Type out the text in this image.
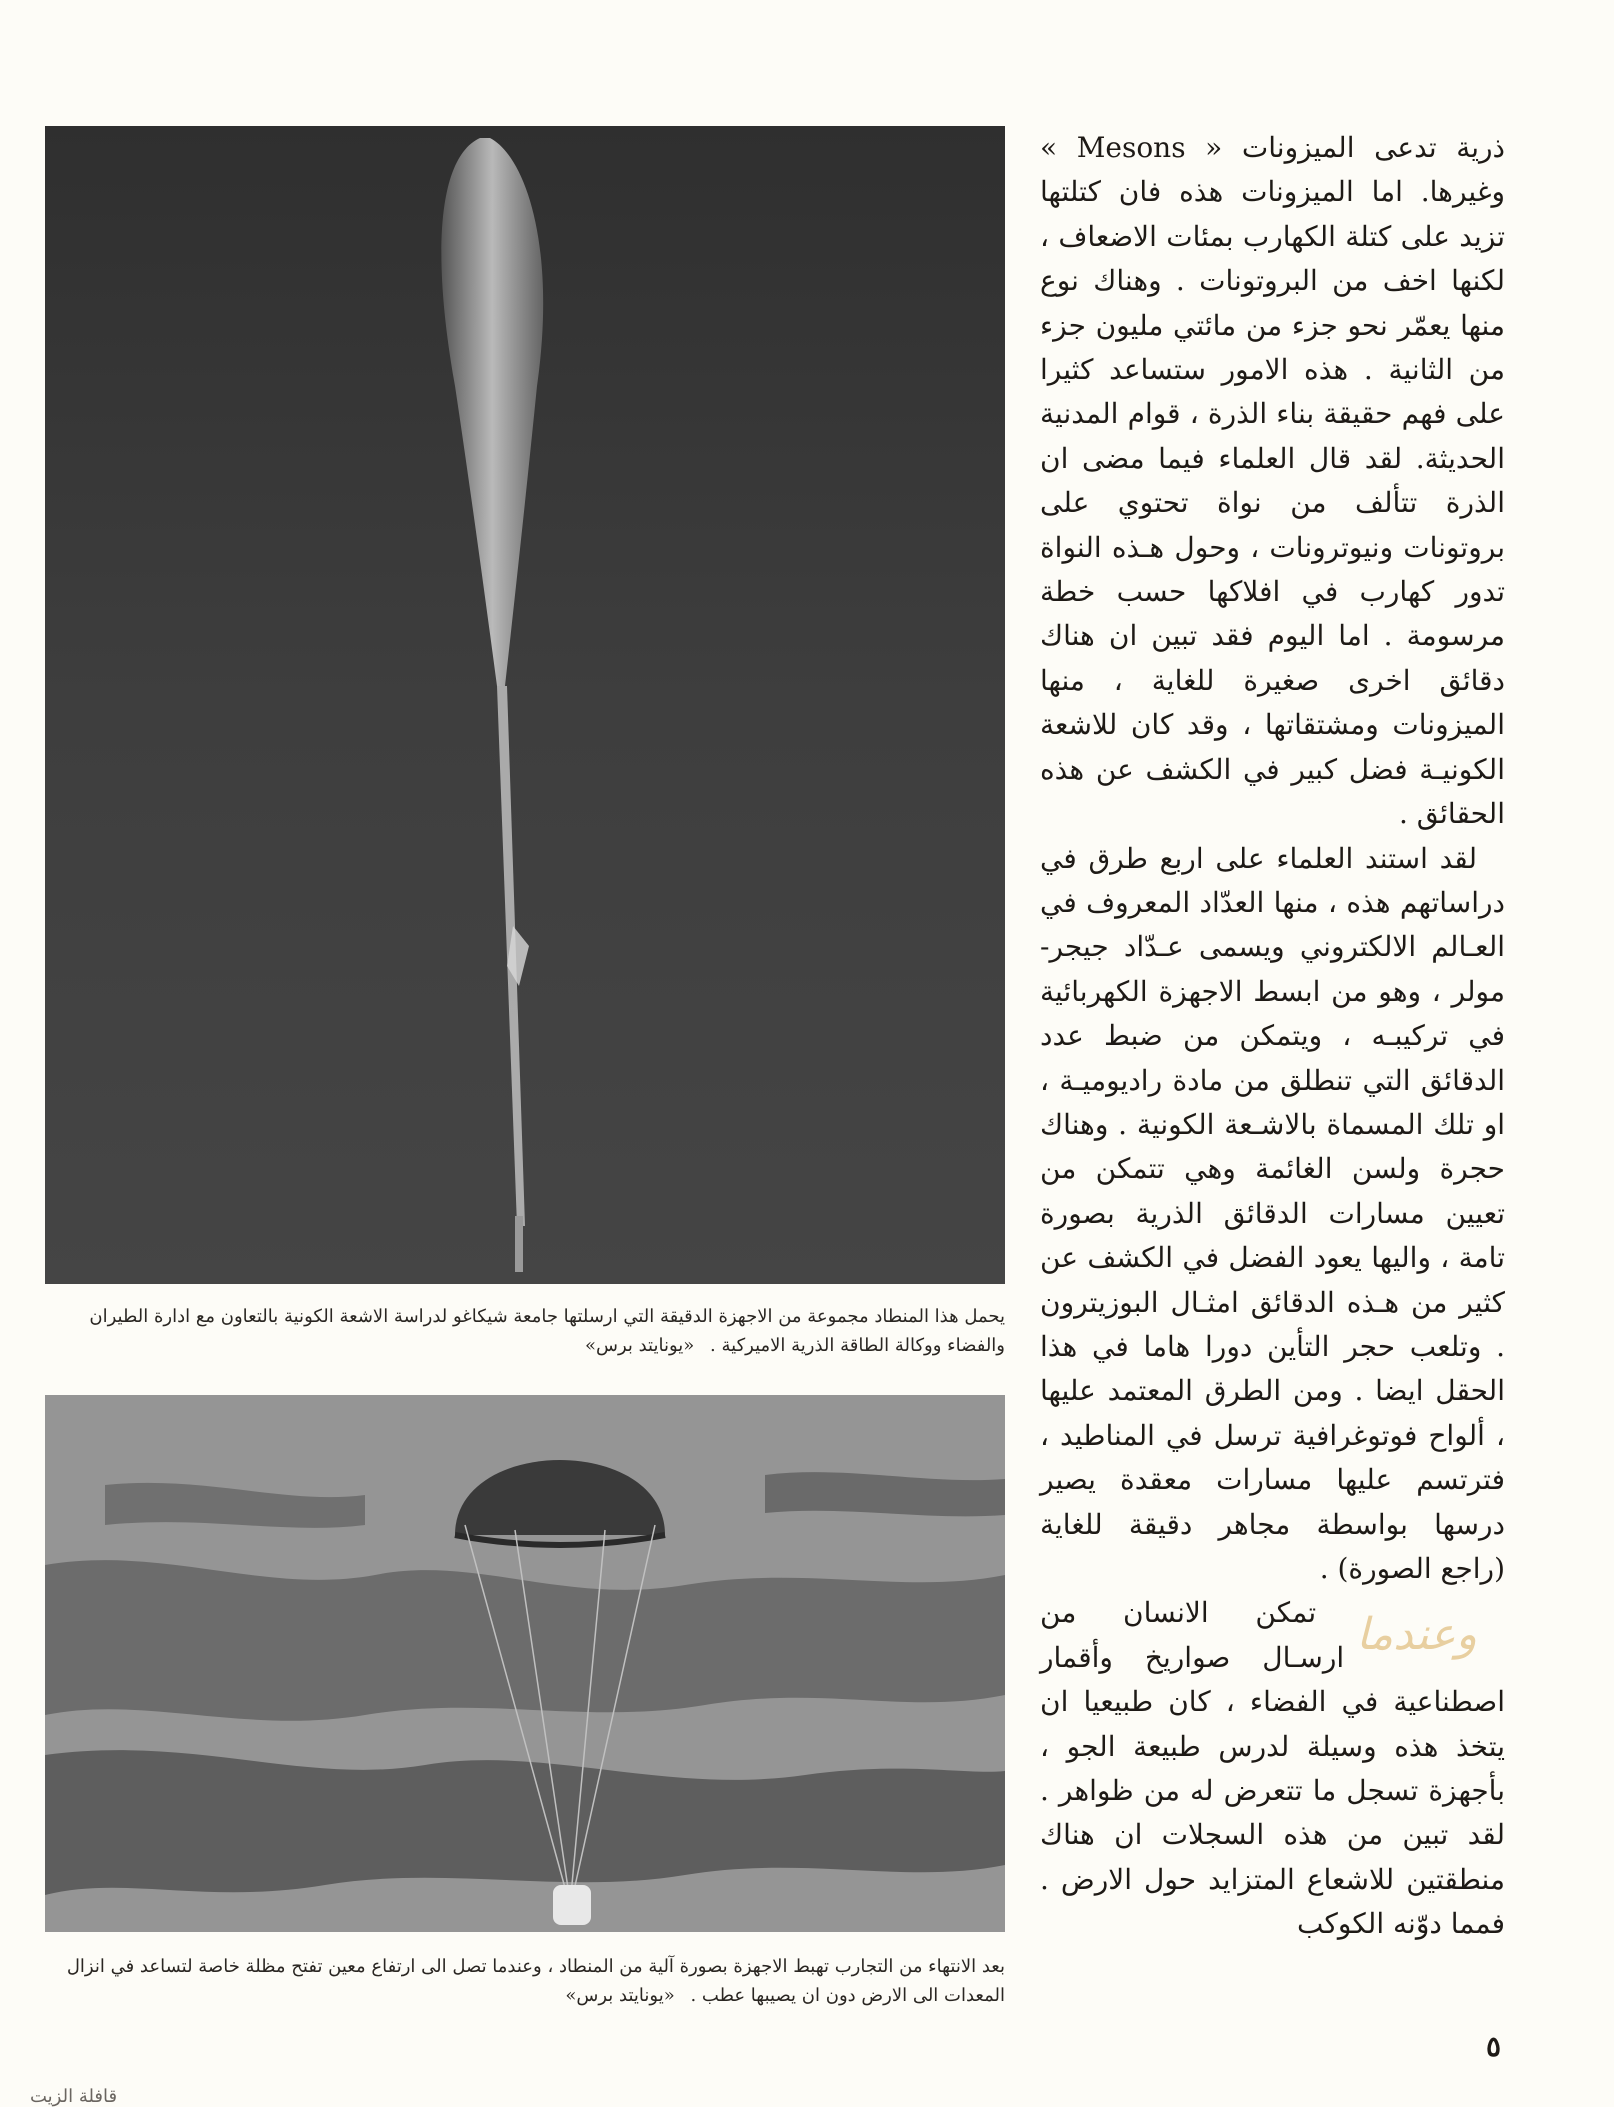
يحمل هذا المنطاد مجموعة من الاجهزة الدقيقة التي ارسلتها جامعة شيكاغو لدراسة الاشعة الكونية بالتعاون مع ادارة الطيران والفضاء ووكالة الطاقة الذرية الاميركية . «يونايتد برس»
بعد الانتهاء من التجارب تهبط الاجهزة بصورة آلية من المنطاد ، وعندما تصل الى ارتفاع معين تفتح مظلة خاصة لتساعد في انزال المعدات الى الارض دون ان يصيبها عطب . «يونايتد برس»

ذرية تدعى الميزونات « Mesons » وغيرها. اما الميزونات هذه فان كتلتها تزيد على كتلة الكهارب بمئات الاضعاف ، لكنها اخف من البروتونات . وهناك نوع منها يعمّر نحو جزء من مائتي مليون جزء من الثانية . هذه الامور ستساعد كثيرا على فهم حقيقة بناء الذرة ، قوام المدنية الحديثة. لقد قال العلماء فيما مضى ان الذرة تتألف من نواة تحتوي على بروتونات ونيوترونات ، وحول هـذه النواة تدور كهارب في افلاكها حسب خطة مرسومة . اما اليوم فقد تبين ان هناك دقائق اخرى صغيرة للغاية ، منها الميزونات ومشتقاتها ، وقد كان للاشعة الكونيـة فضل كبير في الكشف عن هذه الحقائق .

لقد استند العلماء على اربع طرق في دراساتهم هذه ، منها العدّاد المعروف في العـالم الالكتروني ويسمى عـدّاد جيجر-مولر ، وهو من ابسط الاجهزة الكهربائية في تركيبـه ، ويتمكن من ضبط عدد الدقائق التي تنطلق من مادة راديوميـة ، او تلك المسماة بالاشـعة الكونية . وهناك حجرة ولسن الغائمة وهي تتمكن من تعيين مسارات الدقائق الذرية بصورة تامة ، واليها يعود الفضل في الكشف عن كثير من هـذه الدقائق امثـال البوزيترون . وتلعب حجر التأين دورا هاما في هذا الحقل ايضا . ومن الطرق المعتمد عليها ، ألواح فوتوغرافية ترسل في المناطيد ، فترتسم عليها مسارات معقدة يصير درسها بواسطة مجاهر دقيقة للغاية (راجع الصورة) .

وعندما
تمكن الانسان من ارسـال صواريخ وأقمار اصطناعية في الفضاء ، كان طبيعيا ان يتخذ هذه وسيلة لدرس طبيعة الجو ، بأجهزة تسجل ما تتعرض له من ظواهر . لقد تبين من هذه السجلات ان هناك منطقتين للاشعاع المتزايد حول الارض . فمما دوّنه الكوكب

٥
قافلة الزيت
